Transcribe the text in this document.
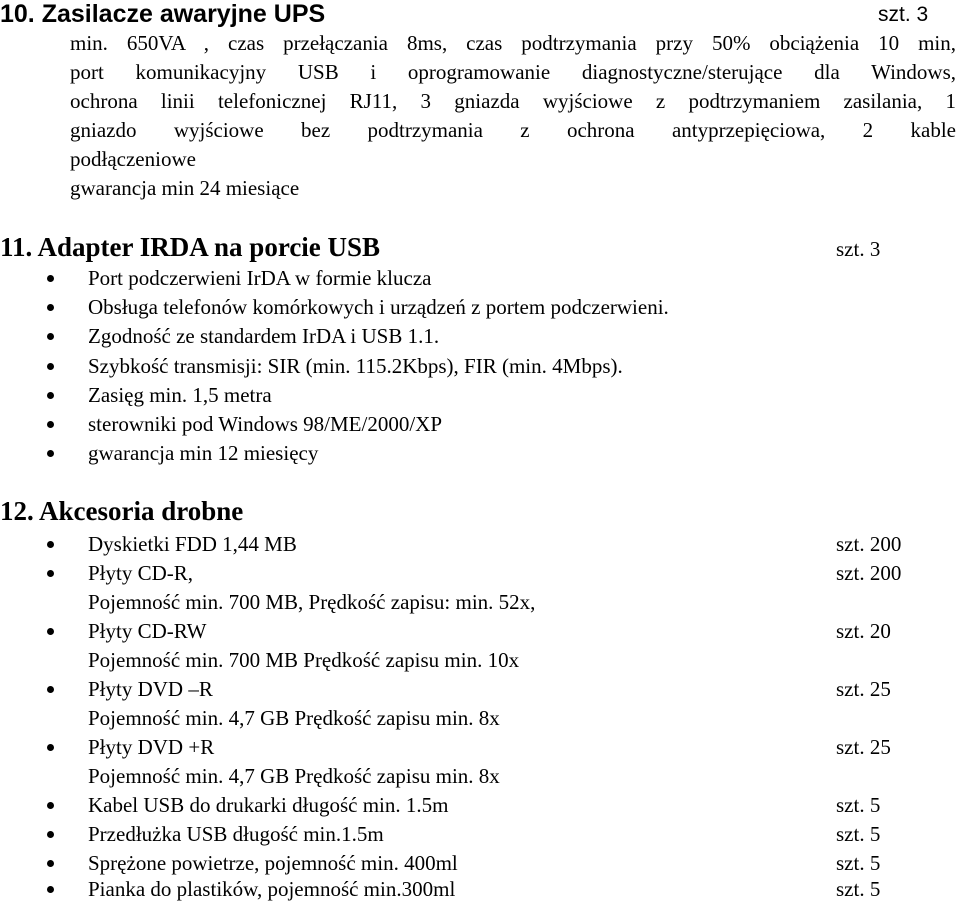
10. Zasilacze awaryjne UPS	szt. 3
min. 650VA , czas przełączania 8ms, czas podtrzymania przy 50% obciążenia 10 min,
port komunikacyjny USB i oprogramowanie diagnostyczne/sterujące dla Windows,
ochrona linii telefonicznej RJ11, 3 gniazda wyjściowe z podtrzymaniem zasilania, 1
gniazdo wyjściowe bez podtrzymania z ochrona antyprzepięciowa, 2 kable
podłączeniowe
gwarancja min 24 miesiące
11. Adapter IRDA na porcie USB	szt. 3
Port podczerwieni IrDA w formie klucza
Obsługa telefonów komórkowych i urządzeń z portem podczerwieni.
Zgodność ze standardem IrDA i USB 1.1.
Szybkość transmisji: SIR (min. 115.2Kbps), FIR (min. 4Mbps).
Zasięg min. 1,5 metra
sterowniki pod Windows 98/ME/2000/XP
gwarancja min 12 miesięcy
12. Akcesoria drobne
Dyskietki FDD 1,44 MB	szt. 200
Płyty CD-R,	szt. 200
Pojemność min. 700 MB, Prędkość zapisu: min. 52x,
Płyty CD-RW	szt. 20
Pojemność min. 700 MB Prędkość zapisu min. 10x
Płyty DVD –R	szt. 25
Pojemność min. 4,7 GB Prędkość zapisu min. 8x
Płyty DVD +R	szt. 25
Pojemność min. 4,7 GB Prędkość zapisu min. 8x
Kabel USB do drukarki długość min. 1.5m	szt. 5
Przedłużka USB długość min.1.5m	szt. 5
Sprężone powietrze, pojemność min. 400ml	szt. 5
Pianka do plastików, pojemność min.300ml	szt. 5
